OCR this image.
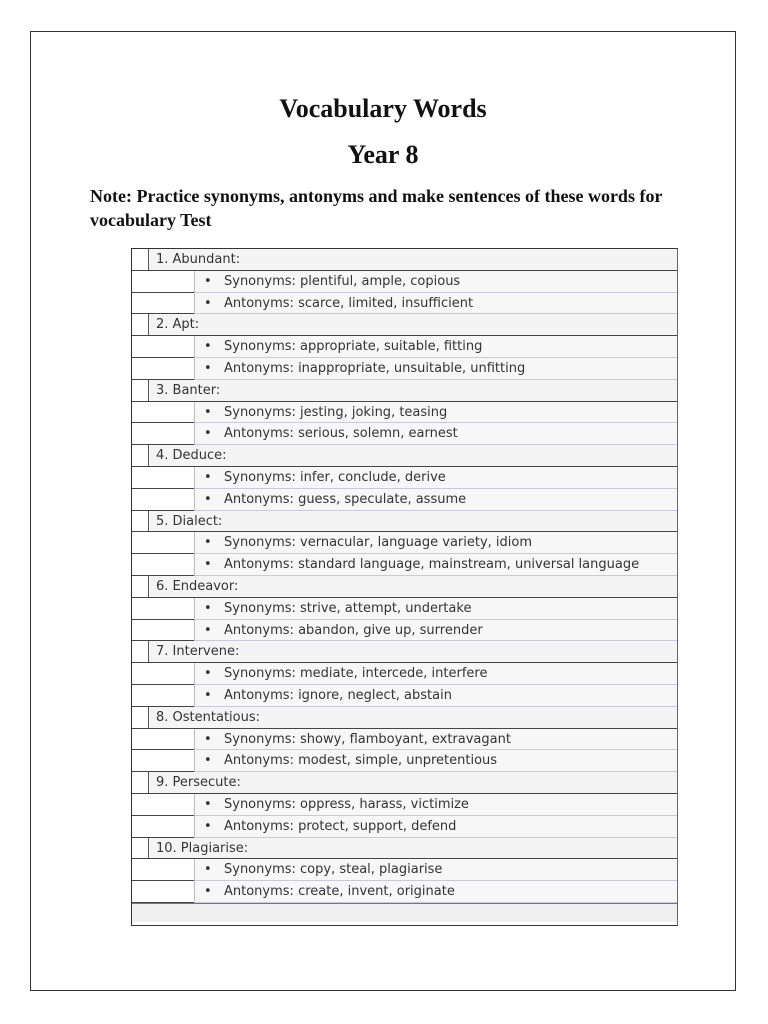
Vocabulary Words
Year 8

Note: Practice synonyms, antonyms and make sentences of these words for vocabulary Test

1. Abundant:
• Synonyms: plentiful, ample, copious
• Antonyms: scarce, limited, insufficient
2. Apt:
• Synonyms: appropriate, suitable, fitting
• Antonyms: inappropriate, unsuitable, unfitting
3. Banter:
• Synonyms: jesting, joking, teasing
• Antonyms: serious, solemn, earnest
4. Deduce:
• Synonyms: infer, conclude, derive
• Antonyms: guess, speculate, assume
5. Dialect:
• Synonyms: vernacular, language variety, idiom
• Antonyms: standard language, mainstream, universal language
6. Endeavor:
• Synonyms: strive, attempt, undertake
• Antonyms: abandon, give up, surrender
7. Intervene:
• Synonyms: mediate, intercede, interfere
• Antonyms: ignore, neglect, abstain
8. Ostentatious:
• Synonyms: showy, flamboyant, extravagant
• Antonyms: modest, simple, unpretentious
9. Persecute:
• Synonyms: oppress, harass, victimize
• Antonyms: protect, support, defend
10. Plagiarise:
• Synonyms: copy, steal, plagiarise
• Antonyms: create, invent, originate
